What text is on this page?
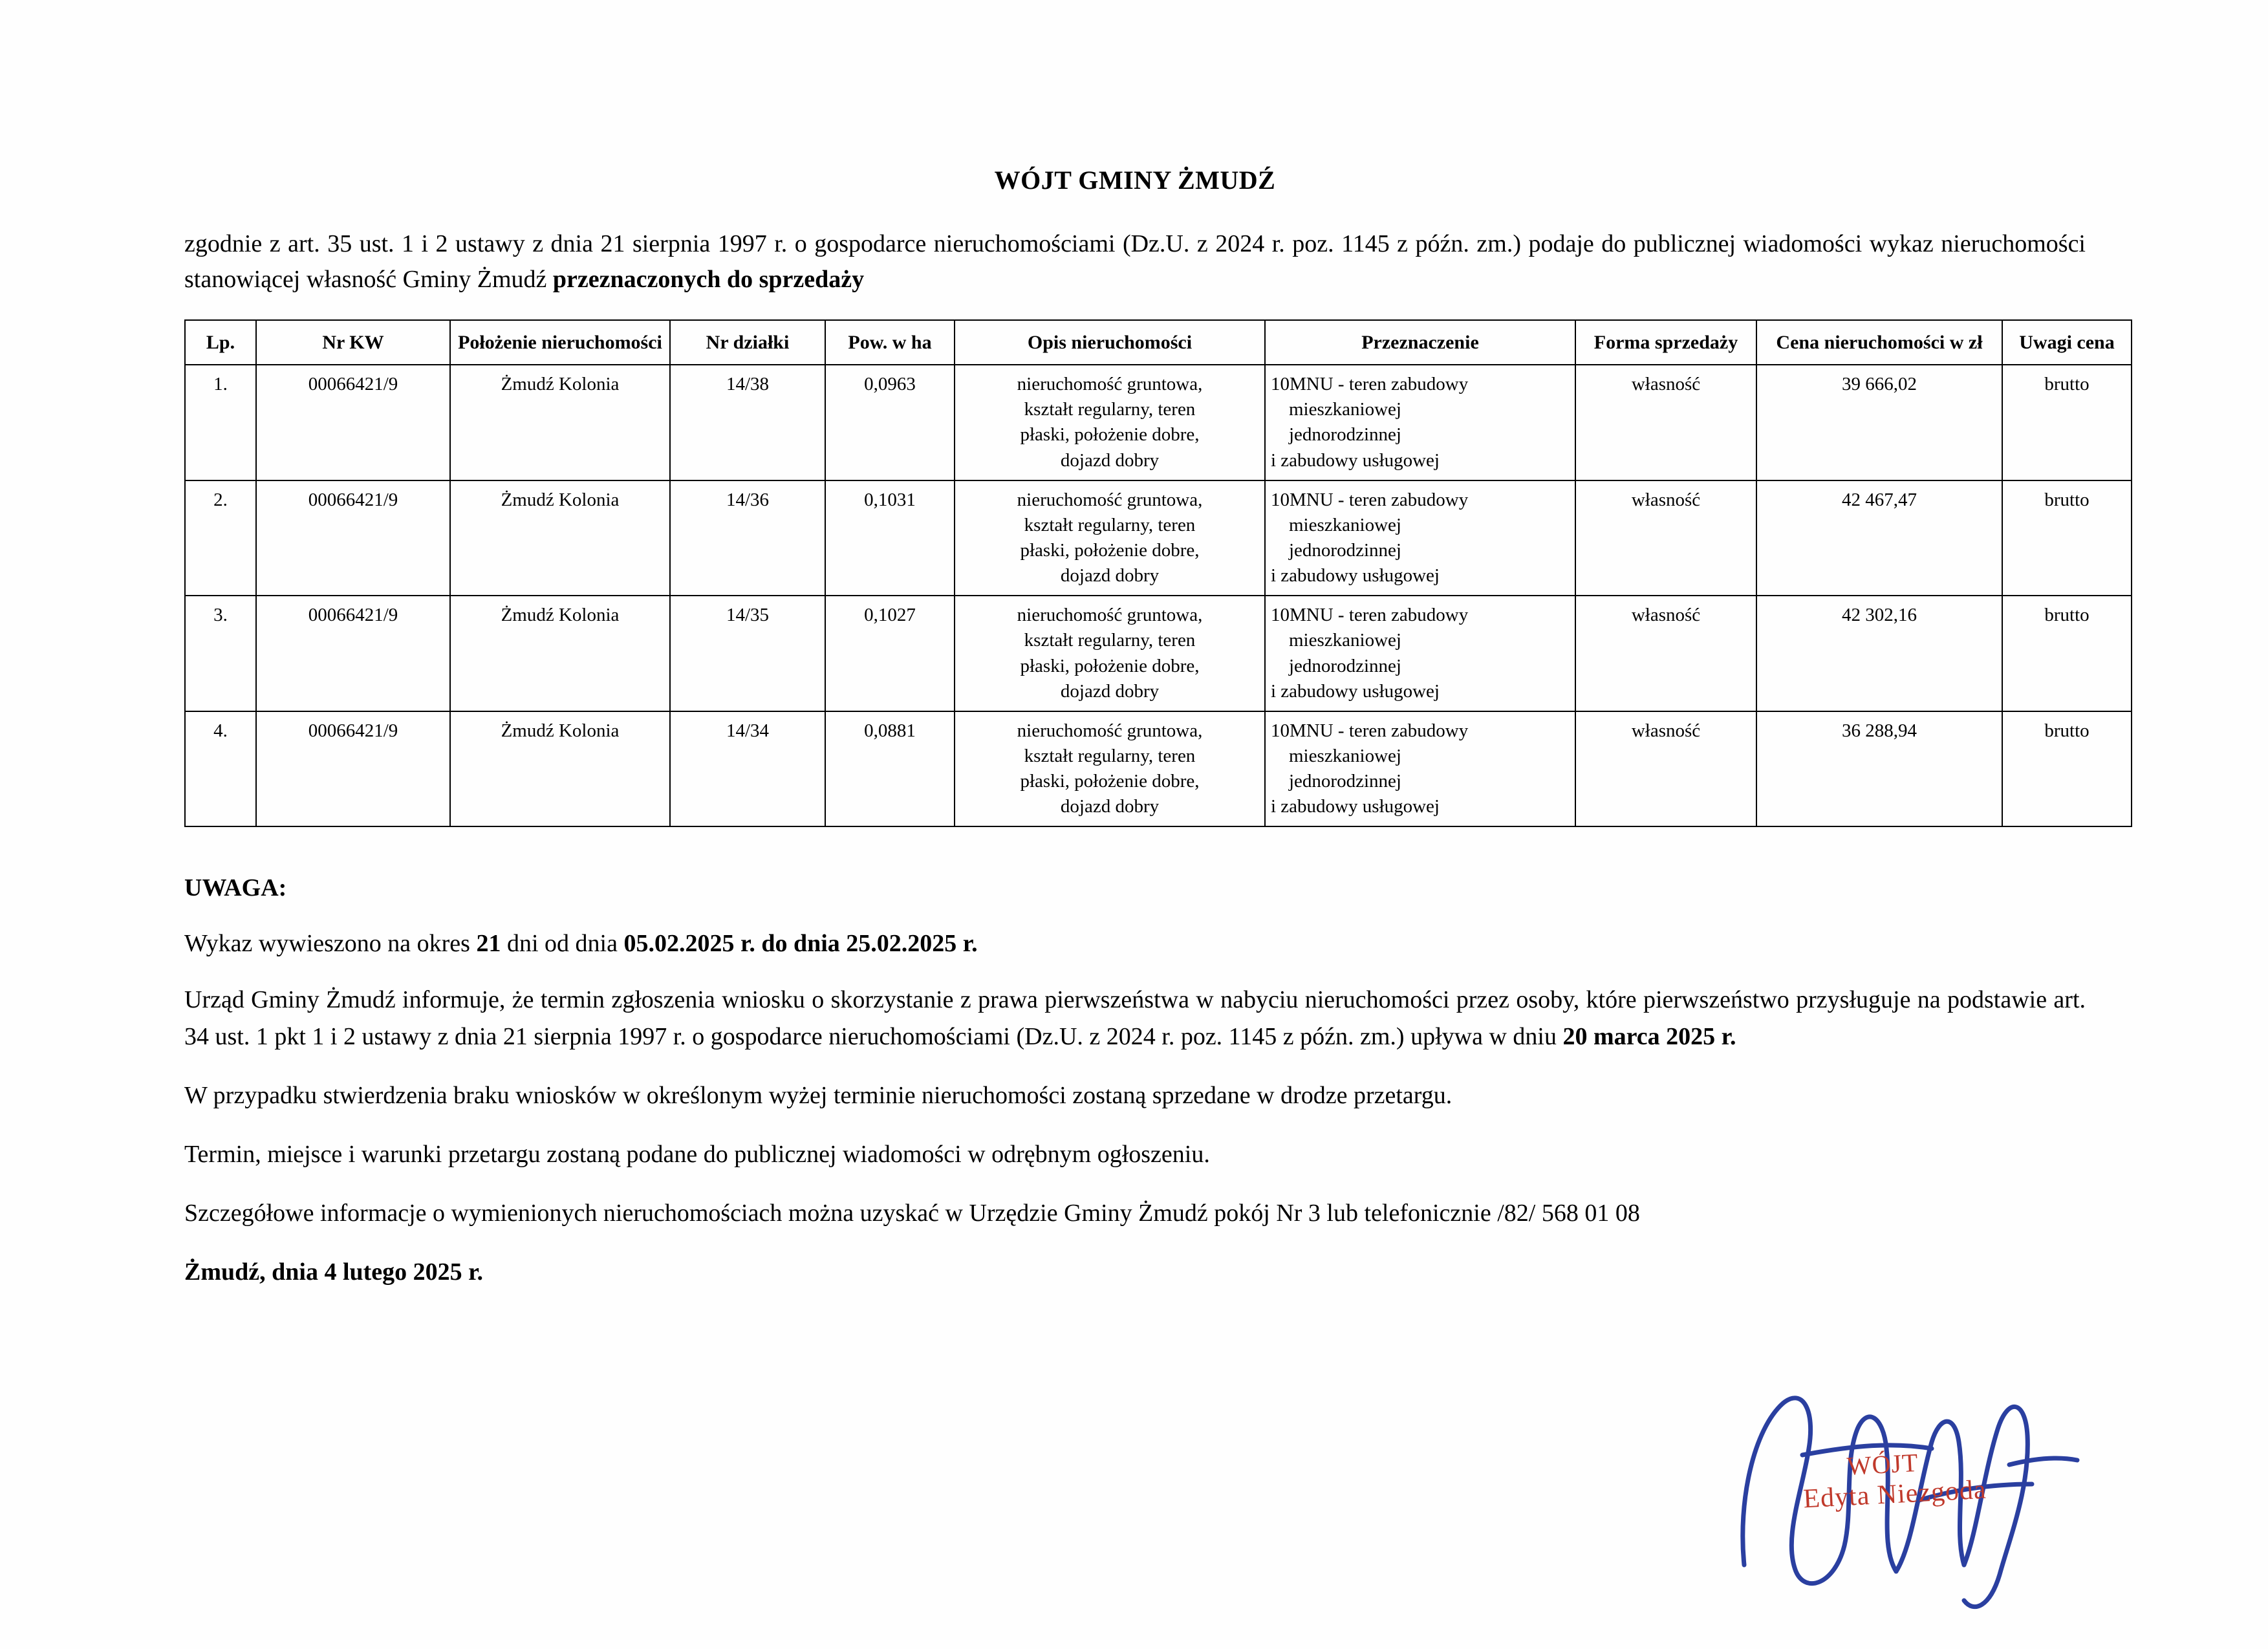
WÓJT GMINY ŻMUDŹ

zgodnie z art. 35 ust. 1 i 2 ustawy z dnia 21 sierpnia 1997 r. o gospodarce nieruchomościami (Dz.U. z 2024 r. poz. 1145 z późn. zm.) podaje do publicznej wiadomości wykaz nieruchomości stanowiącej własność Gminy Żmudź przeznaczonych do sprzedaży

Lp.	Nr KW	Położenie nieruchomości	Nr działki	Pow. w ha	Opis nieruchomości	Przeznaczenie	Forma sprzedaży	Cena nieruchomości w zł	Uwagi cena
1.	00066421/9	Żmudź Kolonia	14/38	0,0963	nieruchomość gruntowa,
kształt regularny, teren
płaski, położenie dobre,
dojazd dobry	10MNU - teren zabudowy
mieszkaniowej
jednorodzinnej
i zabudowy usługowej	własność	39 666,02	brutto
2.	00066421/9	Żmudź Kolonia	14/36	0,1031	nieruchomość gruntowa,
kształt regularny, teren
płaski, położenie dobre,
dojazd dobry	10MNU - teren zabudowy
mieszkaniowej
jednorodzinnej
i zabudowy usługowej	własność	42 467,47	brutto
3.	00066421/9	Żmudź Kolonia	14/35	0,1027	nieruchomość gruntowa,
kształt regularny, teren
płaski, położenie dobre,
dojazd dobry	10MNU - teren zabudowy
mieszkaniowej
jednorodzinnej
i zabudowy usługowej	własność	42 302,16	brutto
4.	00066421/9	Żmudź Kolonia	14/34	0,0881	nieruchomość gruntowa,
kształt regularny, teren
płaski, położenie dobre,
dojazd dobry	10MNU - teren zabudowy
mieszkaniowej
jednorodzinnej
i zabudowy usługowej	własność	36 288,94	brutto
UWAGA:

Wykaz wywieszono na okres 21 dni od dnia 05.02.2025 r. do dnia 25.02.2025 r.

Urząd Gminy Żmudź informuje, że termin zgłoszenia wniosku o skorzystanie z prawa pierwszeństwa w nabyciu nieruchomości przez osoby, które pierwszeństwo przysługuje na podstawie art. 34 ust. 1 pkt 1 i 2 ustawy z dnia 21 sierpnia 1997 r. o gospodarce nieruchomościami (Dz.U. z 2024 r. poz. 1145 z późn. zm.) upływa w dniu 20 marca 2025 r.

W przypadku stwierdzenia braku wniosków w określonym wyżej terminie nieruchomości zostaną sprzedane w drodze przetargu.

Termin, miejsce i warunki przetargu zostaną podane do publicznej wiadomości w odrębnym ogłoszeniu.

Szczegółowe informacje o wymienionych nieruchomościach można uzyskać w Urzędzie Gminy Żmudź pokój Nr 3 lub telefonicznie /82/ 568 01 08

Żmudź, dnia 4 lutego 2025 r.
WÓJT
Edyta Niezgoda
